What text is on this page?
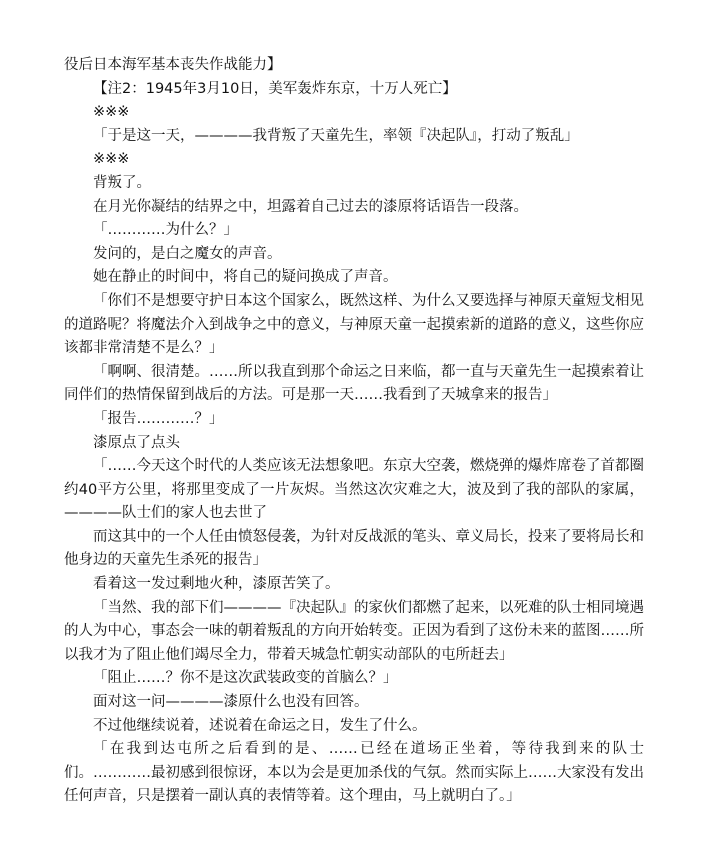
役后日本海军基本丧失作战能力】

【注2：1945年3月10日，美军轰炸东京，十万人死亡】

※※※

「于是这一天，————我背叛了天童先生，率领『决起队』，打动了叛乱」

※※※

背叛了。

在月光你凝结的结界之中，坦露着自己过去的漆原将话语告一段落。

「…………为什么？」

发问的，是白之魔女的声音。

她在静止的时间中，将自己的疑问换成了声音。

「你们不是想要守护日本这个国家么，既然这样、为什么又要选择与神原天童短戈相见的道路呢？将魔法介入到战争之中的意义，与神原天童一起摸索新的道路的意义，这些你应该都非常清楚不是么？」

「啊啊、很清楚。……所以我直到那个命运之日来临，都一直与天童先生一起摸索着让同伴们的热情保留到战后的方法。可是那一天……我看到了天城拿来的报告」

「报告…………？」

漆原点了点头

「……今天这个时代的人类应该无法想象吧。东京大空袭，燃烧弹的爆炸席卷了首都圈约40平方公里，将那里变成了一片灰烬。当然这次灾难之大，波及到了我的部队的家属，————队士们的家人也去世了

而这其中的一个人任由愤怒侵袭，为针对反战派的笔头、章义局长，投来了要将局长和他身边的天童先生杀死的报告」

看着这一发过剩地火种，漆原苦笑了。

「当然、我的部下们————『决起队』的家伙们都燃了起来，以死难的队士相同境遇的人为中心，事态会一味的朝着叛乱的方向开始转变。正因为看到了这份未来的蓝图……所以我才为了阻止他们竭尽全力，带着天城急忙朝实动部队的屯所赶去」

「阻止……？你不是这次武装政变的首脑么？」

面对这一问————漆原什么也没有回答。

不过他继续说着，述说着在命运之日，发生了什么。

「在我到达屯所之后看到的是、……已经在道场正坐着，等待我到来的队士们。…………最初感到很惊讶，本以为会是更加杀伐的气氛。然而实际上……大家没有发出任何声音，只是摆着一副认真的表情等着。这个理由，马上就明白了。」
